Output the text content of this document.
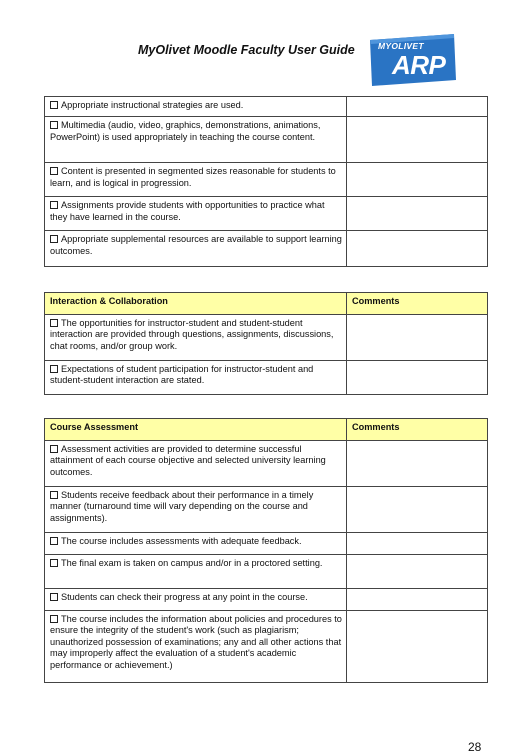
MyOlivet Moodle Faculty User Guide	MYOLIVET
ARP
Appropriate instructional strategies are used.	
Multimedia (audio, video, graphics, demonstrations, animations, PowerPoint) is used appropriately in teaching the course content.	
Content is presented in segmented sizes reasonable for students to learn, and is logical in progression.	
Assignments provide students with opportunities to practice what they have learned in the course.	
Appropriate supplemental resources are available to support learning outcomes.	
Interaction & Collaboration	Comments
The opportunities for instructor-student and student-student interaction are provided through questions, assignments, discussions, chat rooms, and/or group work.	
Expectations of student participation for instructor-student and student-student interaction are stated.	
Course Assessment	Comments
Assessment activities are provided to determine successful attainment of each course objective and selected university learning outcomes.	
Students receive feedback about their performance in a timely manner (turnaround time will vary depending on the course and assignments).	
The course includes assessments with adequate feedback.	
The final exam is taken on campus and/or in a proctored setting.	
Students can check their progress at any point in the course.	
The course includes the information about policies and procedures to ensure the integrity of the student's work (such as plagiarism; unauthorized possession of examinations; any and all other actions that may improperly affect the evaluation of a student's academic performance or achievement.)	
28
